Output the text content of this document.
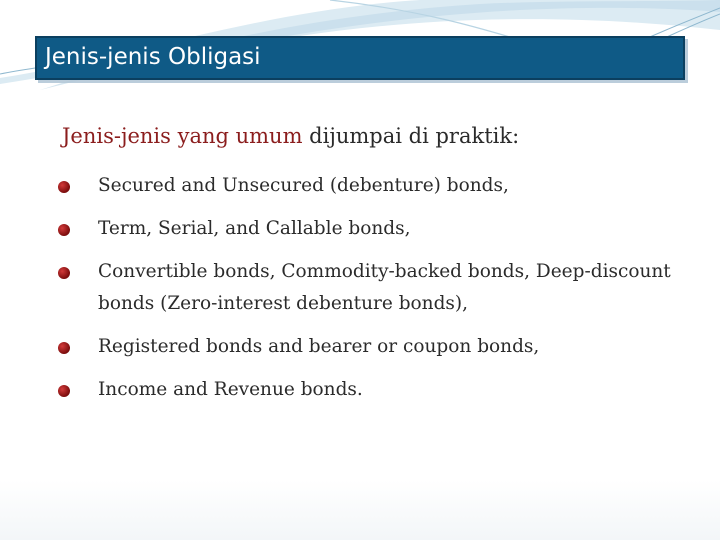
Jenis-jenis Obligasi
Jenis-jenis yang umum dijumpai di praktik:
Secured and Unsecured (debenture) bonds,
Term, Serial, and Callable bonds,
Convertible bonds, Commodity-backed bonds, Deep-discount bonds (Zero-interest debenture bonds),
Registered bonds and bearer or coupon bonds,
Income and Revenue bonds.
